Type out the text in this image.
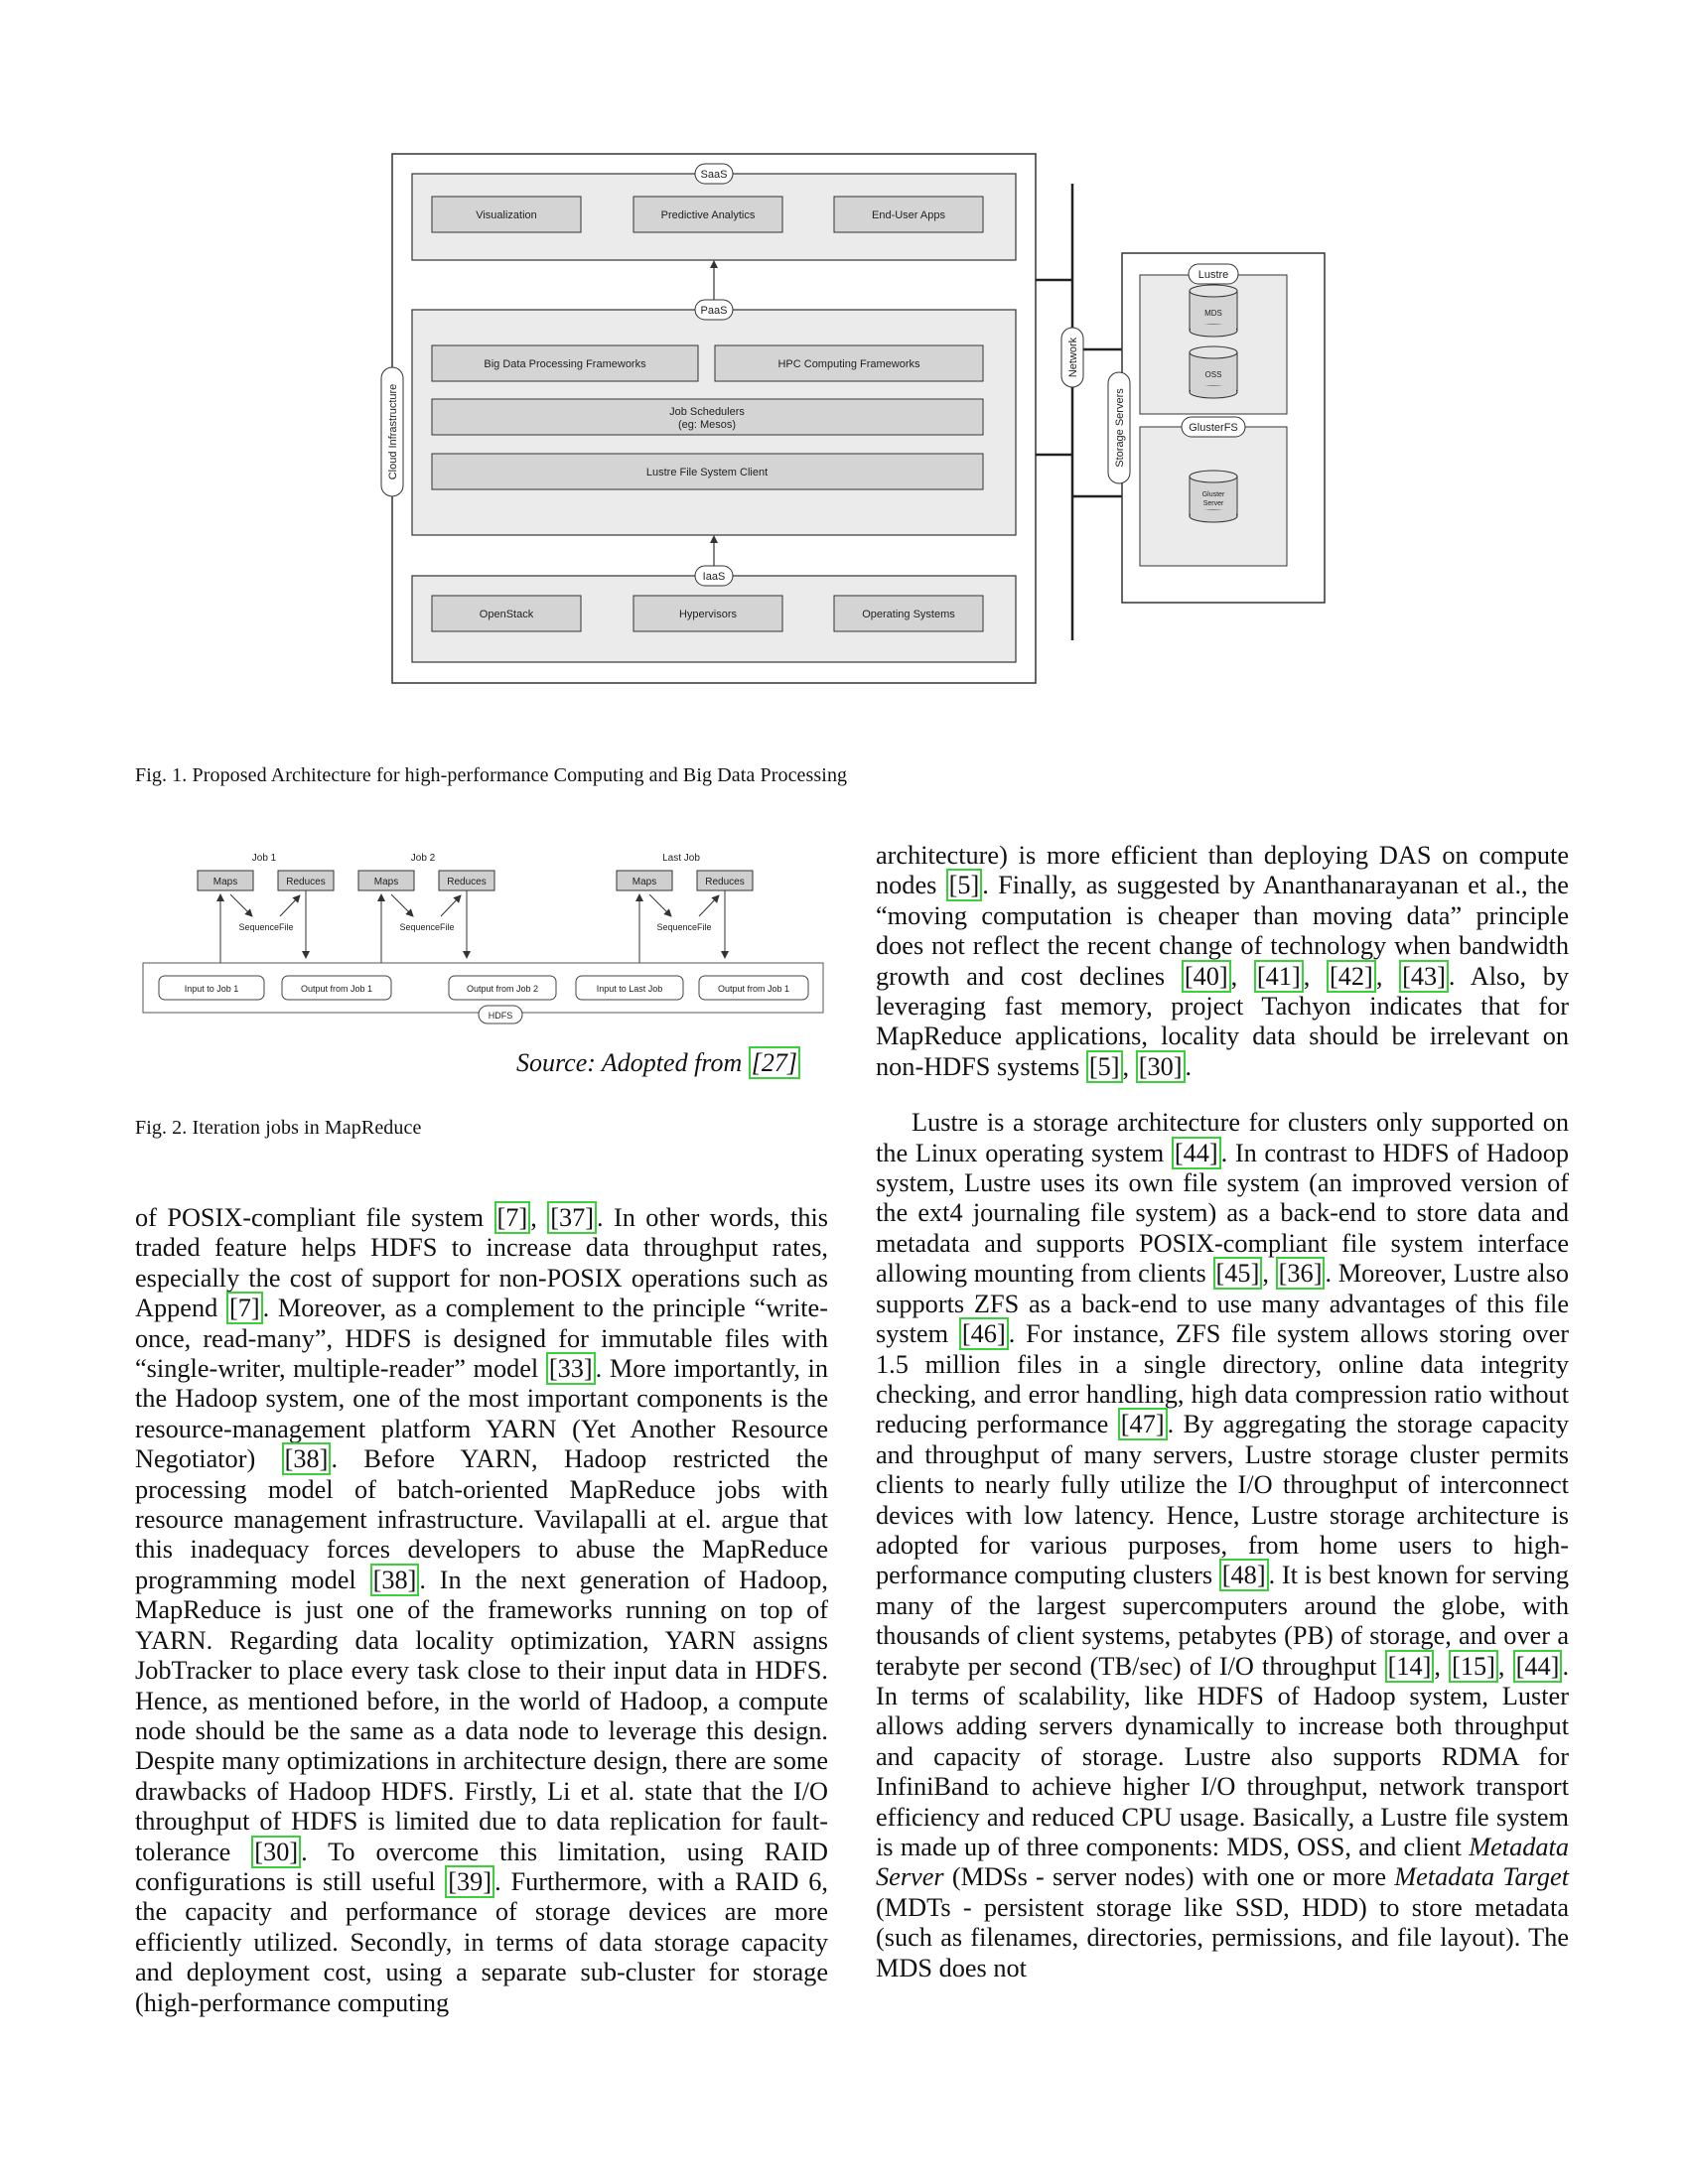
SaaS
Visualization	Predictive Analytics	End-User Apps
PaaS
Big Data Processing Frameworks	HPC Computing Frameworks
Job Schedulers
(eg: Mesos)
Lustre File System Client
IaaS
OpenStack	Hypervisors	Operating Systems
Cloud Infrastructure
Network
Storage Servers
Lustre
MDS
OSS
GlusterFS
Gluster
Server
Fig. 1. Proposed Architecture for high-performance Computing and Big Data Processing
Job 1	Job 2	Last Job
Maps	Reduces
SequenceFile
Maps	Reduces
SequenceFile
Maps	Reduces
SequenceFile
Input to Job 1	Output from Job 1	Output from Job 2	Input to Last Job	Output from Job 1
HDFS
Source: Adopted from [27]
Fig. 2. Iteration jobs in MapReduce

of POSIX-compliant file system [7] , [37] . In other words, this traded feature helps HDFS to increase data throughput rates, especially the cost of support for non-POSIX operations such as Append [7] . Moreover, as a complement to the principle “write-once, read-many”, HDFS is designed for immutable files with “single-writer, multiple-reader” model [33] . More importantly, in the Hadoop system, one of the most important components is the resource-management platform YARN (Yet Another Resource Negotiator) [38] . Before YARN, Hadoop restricted the processing model of batch-oriented MapReduce jobs with resource management infrastructure. Vavilapalli at el. argue that this inadequacy forces developers to abuse the MapReduce programming model [38] . In the next generation of Hadoop, MapReduce is just one of the frameworks running on top of YARN. Regarding data locality optimization, YARN assigns JobTracker to place every task close to their input data in HDFS. Hence, as mentioned before, in the world of Hadoop, a compute node should be the same as a data node to leverage this design. Despite many optimizations in architecture design, there are some drawbacks of Hadoop HDFS. Firstly, Li et al. state that the I/O throughput of HDFS is limited due to data replication for fault-tolerance [30] . To overcome this limitation, using RAID configurations is still useful [39] . Furthermore, with a RAID 6, the capacity and performance of storage devices are more efficiently utilized. Secondly, in terms of data storage capacity and deployment cost, using a separate sub-cluster for storage (high-performance computing

architecture) is more efficient than deploying DAS on compute nodes [5] . Finally, as suggested by Ananthanarayanan et al., the “moving computation is cheaper than moving data” principle does not reflect the recent change of technology when bandwidth growth and cost declines [40] , [41] , [42] , [43] . Also, by leveraging fast memory, project Tachyon indicates that for MapReduce applications, locality data should be irrelevant on non-HDFS systems [5] , [30] .

Lustre is a storage architecture for clusters only supported on the Linux operating system [44] . In contrast to HDFS of Hadoop system, Lustre uses its own file system (an improved version of the ext4 journaling file system) as a back-end to store data and metadata and supports POSIX-compliant file system interface allowing mounting from clients [45] , [36] . Moreover, Lustre also supports ZFS as a back-end to use many advantages of this file system [46] . For instance, ZFS file system allows storing over 1.5 million files in a single directory, online data integrity checking, and error handling, high data compression ratio without reducing performance [47] . By aggregating the storage capacity and throughput of many servers, Lustre storage cluster permits clients to nearly fully utilize the I/O throughput of interconnect devices with low latency. Hence, Lustre storage architecture is adopted for various purposes, from home users to high-performance computing clusters [48] . It is best known for serving many of the largest supercomputers around the globe, with thousands of client systems, petabytes (PB) of storage, and over a terabyte per second (TB/sec) of I/O throughput [14] , [15] , [44] . In terms of scalability, like HDFS of Hadoop system, Luster allows adding servers dynamically to increase both throughput and capacity of storage. Lustre also supports RDMA for InfiniBand to achieve higher I/O throughput, network transport efficiency and reduced CPU usage. Basically, a Lustre file system is made up of three components: MDS, OSS, and client Metadata Server (MDSs - server nodes) with one or more Metadata Target (MDTs - persistent storage like SSD, HDD) to store metadata (such as filenames, directories, permissions, and file layout). The MDS does not
